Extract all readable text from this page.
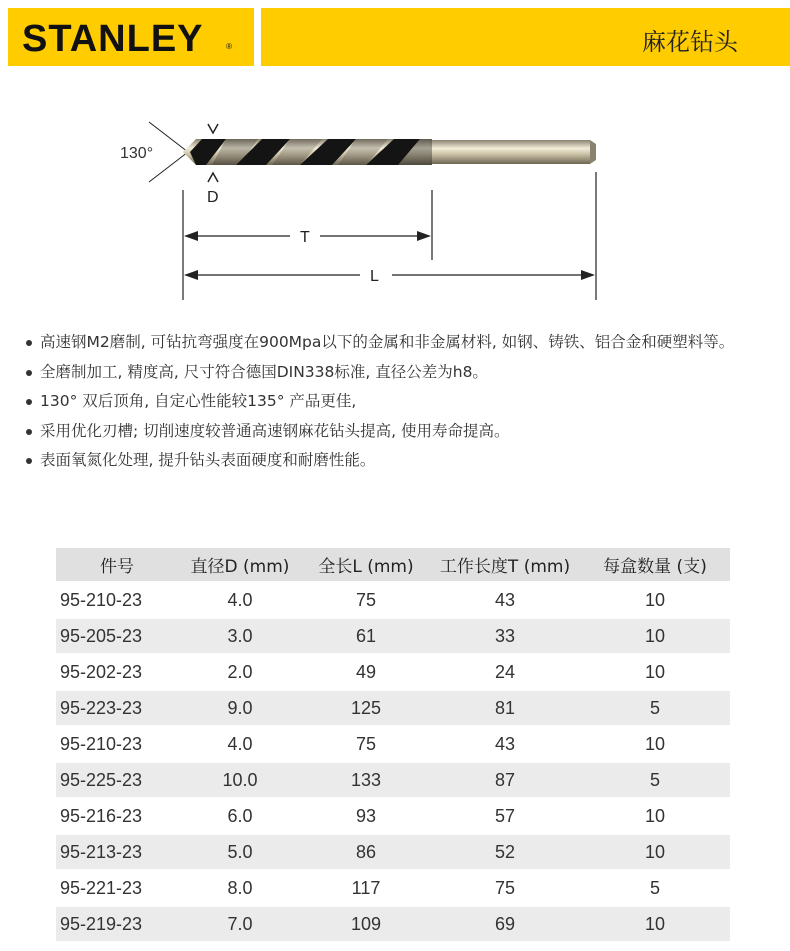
STANLEY	®	麻花钻头
130°
D
T
L
高速钢M2磨制, 可钻抗弯强度在900Mpa以下的金属和非金属材料, 如钢、铸铁、铝合金和硬塑料等。
全磨制加工, 精度高, 尺寸符合德国DIN338标准, 直径公差为h8。
130° 双后顶角, 自定心性能较135° 产品更佳,
采用优化刃槽; 切削速度较普通高速钢麻花钻头提高, 使用寿命提高。
表面氧氮化处理, 提升钻头表面硬度和耐磨性能。
件号	直径D (mm)	全长L (mm)	工作长度T (mm)	每盒数量 (支)
95-210-23	4.0	75	43	10
95-205-23	3.0	61	33	10
95-202-23	2.0	49	24	10
95-223-23	9.0	125	81	5
95-210-23	4.0	75	43	10
95-225-23	10.0	133	87	5
95-216-23	6.0	93	57	10
95-213-23	5.0	86	52	10
95-221-23	8.0	117	75	5
95-219-23	7.0	109	69	10
